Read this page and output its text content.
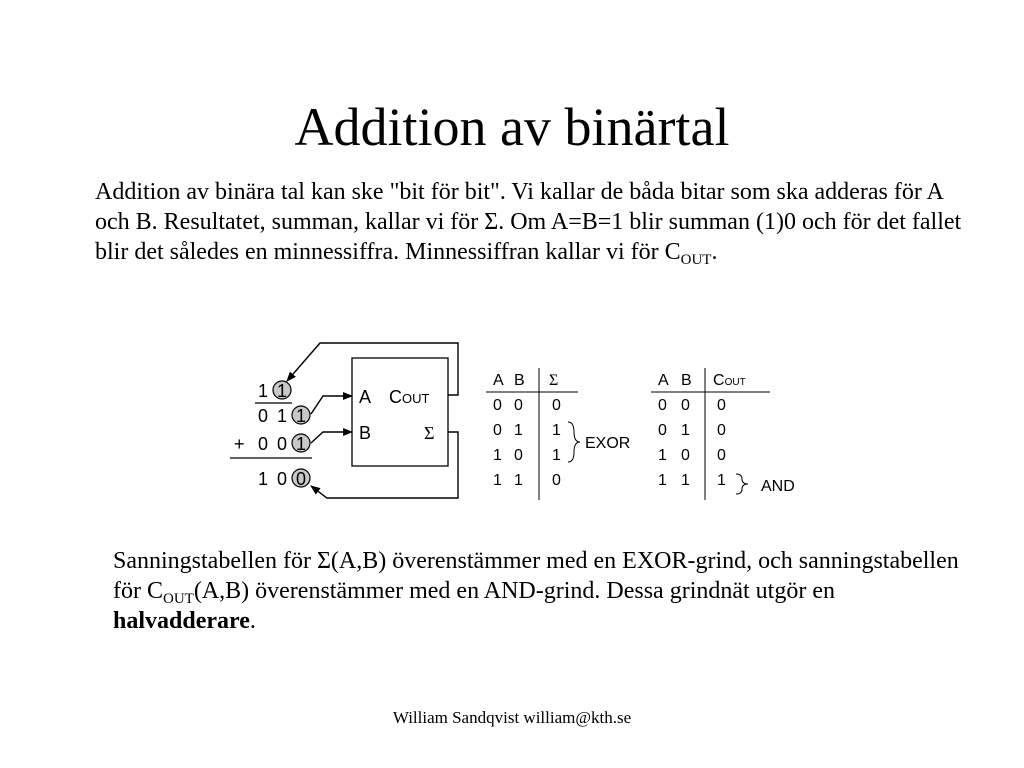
Addition av binärtal
Addition av binära tal kan ske "bit för bit". Vi kallar de båda bitar som ska adderas för A och B. Resultatet, summan, kallar vi för Σ. Om A=B=1 blir summan (1)0 och för det fallet blir det således en minnessiffra. Minnessiffran kallar vi för $C_{OUT}$.
1 1
0 1 1
+ 0 0 1
1 0 0
A
B
COUT
Σ
A B Σ
0 0 0
0 1 1
1 0 1
1 1 0
EXOR
A B COUT
0 0 0
0 1 0
1 0 0
1 1 1 AND
Sanningstabellen för Σ(A,B) överenstämmer med en EXOR-grind, och sanningstabellen för $C_{OUT}(A,B)$ överenstämmer med en AND-grind. Dessa grindnät utgör en halvadderare.
William Sandqvist william@kth.se
